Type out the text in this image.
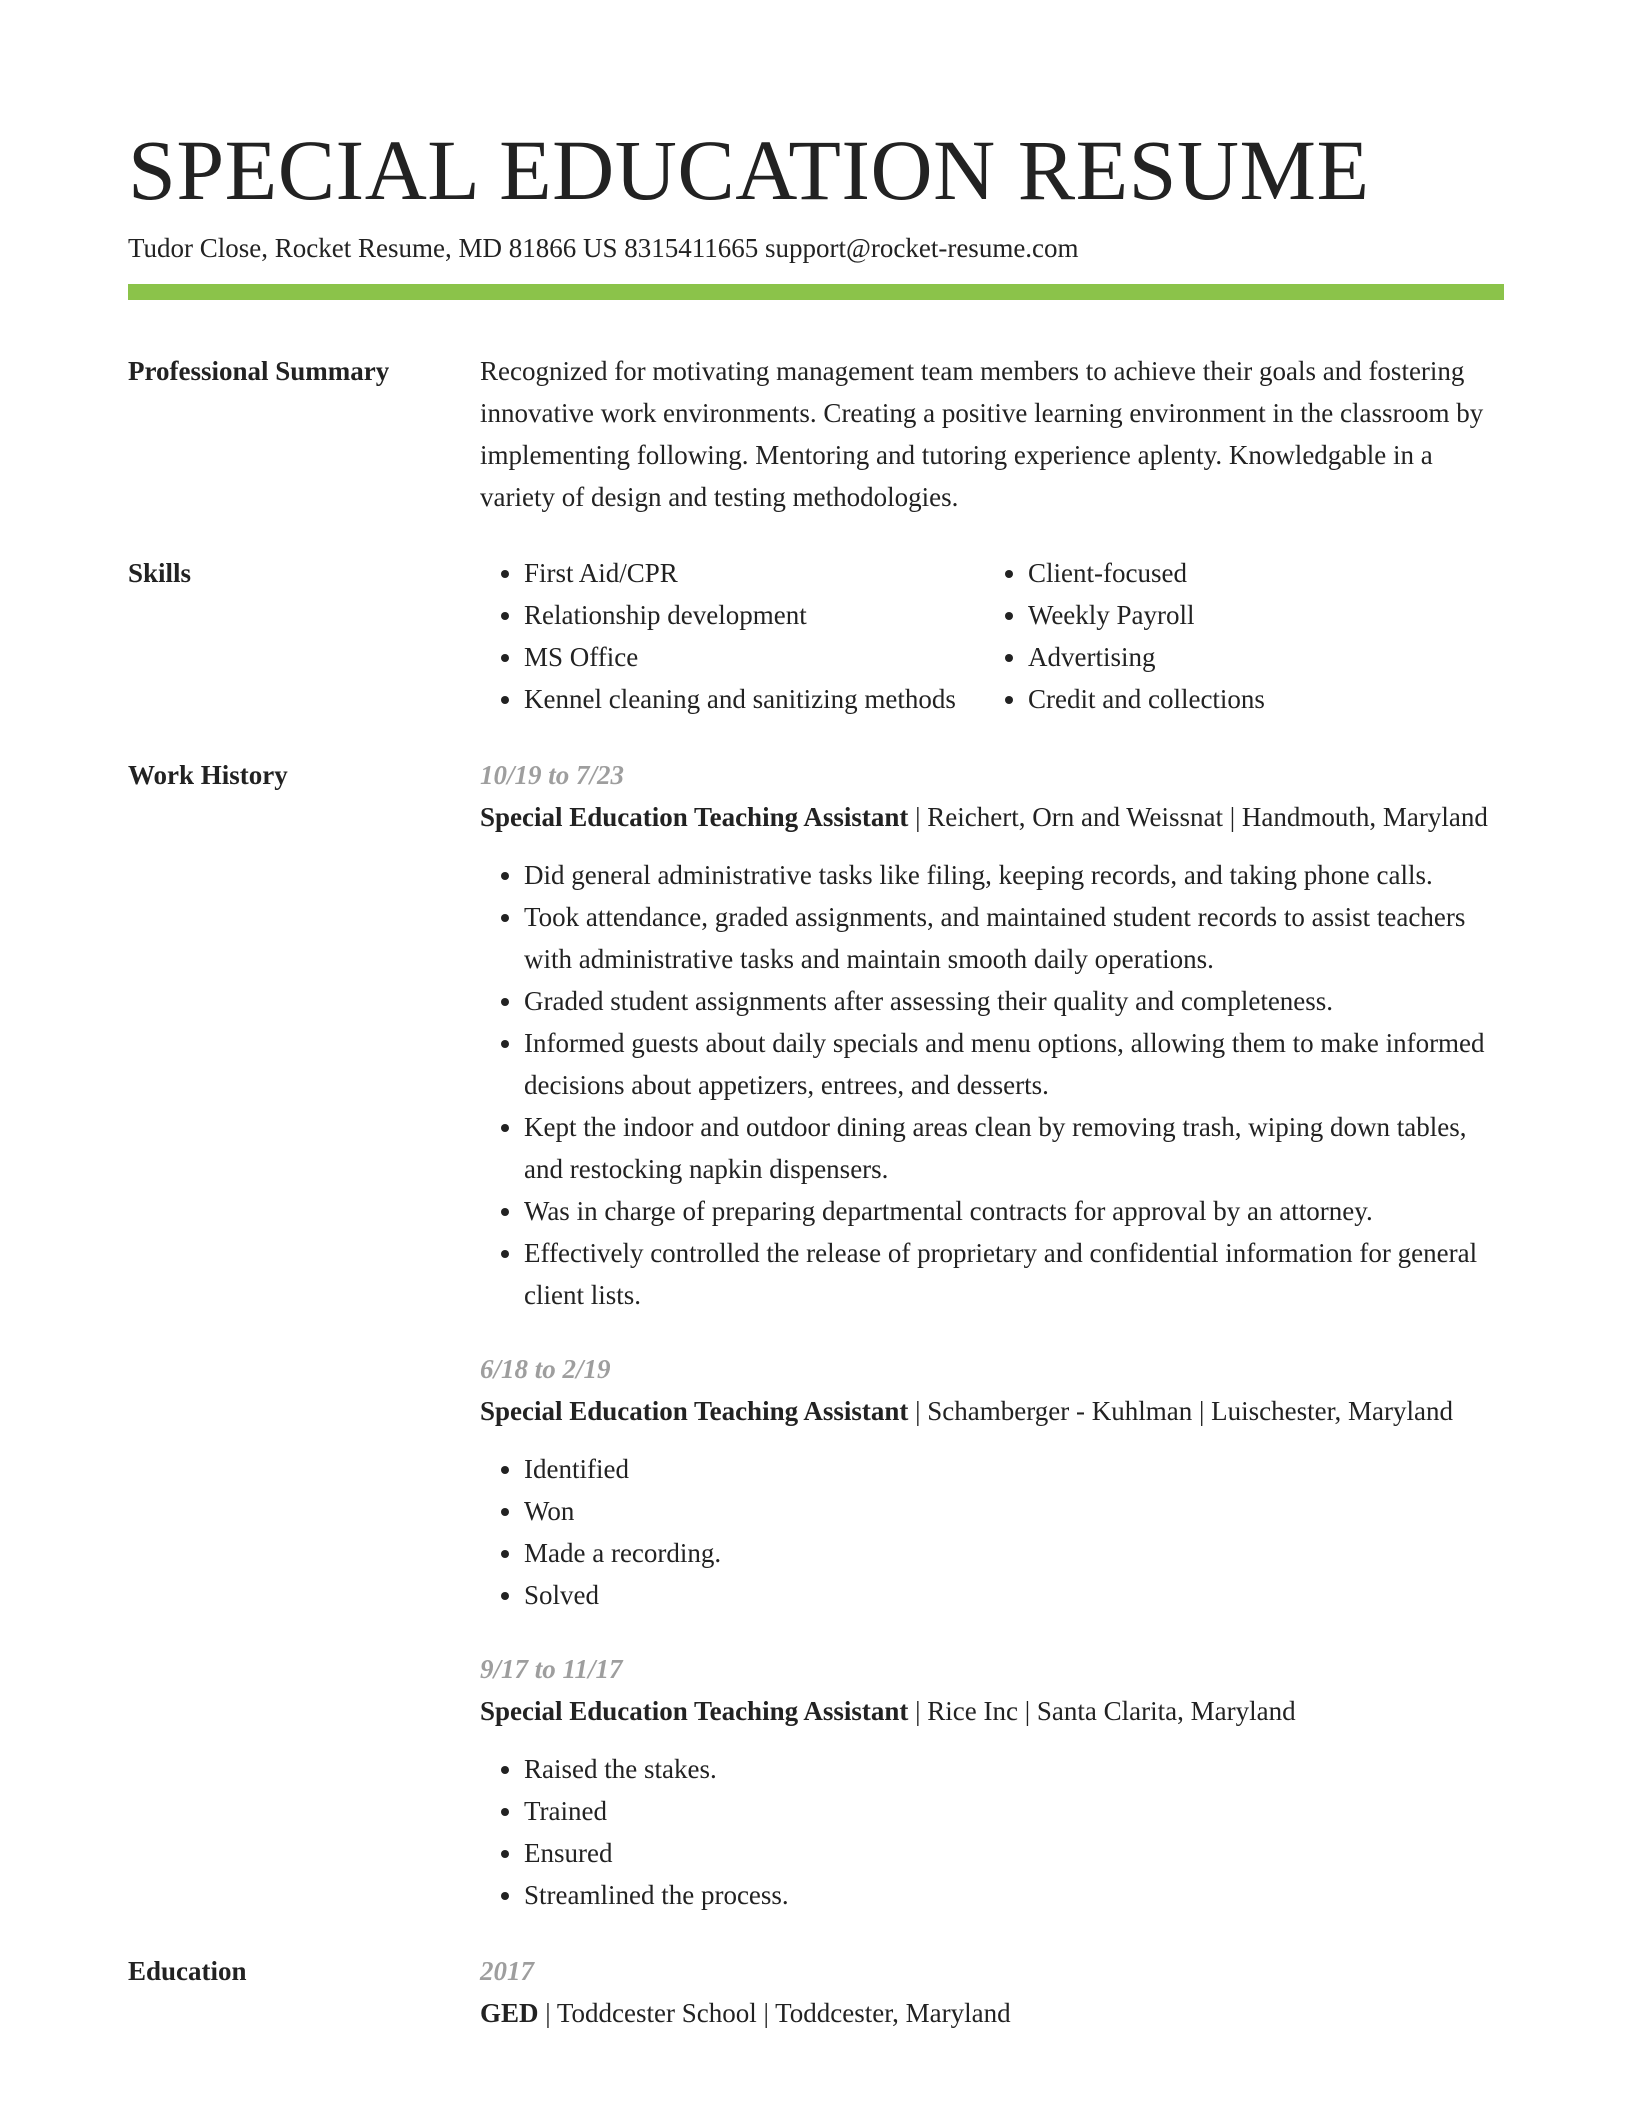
SPECIAL EDUCATION RESUME
Tudor Close, Rocket Resume, MD 81866 US 8315411665 support@rocket-resume.com
Professional Summary	Recognized for motivating management team members to achieve their goals and fostering innovative work environments. Creating a positive learning environment in the classroom by implementing following. Mentoring and tutoring experience aplenty. Knowledgable in a variety of design and testing methodologies.
Skills
•	First Aid/CPR
• Relationship development
• MS Office
• Kennel cleaning and sanitizing methods
• Client-focused
• Weekly Payroll
• Advertising
• Credit and collections
Work History	10/19 to 7/23
Special Education Teaching Assistant | Reichert, Orn and Weissnat | Handmouth, Maryland
• Did general administrative tasks like filing, keeping records, and taking phone calls.
• Took attendance, graded assignments, and maintained student records to assist teachers with administrative tasks and maintain smooth daily operations.
• Graded student assignments after assessing their quality and completeness.
• Informed guests about daily specials and menu options, allowing them to make informed decisions about appetizers, entrees, and desserts.
• Kept the indoor and outdoor dining areas clean by removing trash, wiping down tables, and restocking napkin dispensers.
• Was in charge of preparing departmental contracts for approval by an attorney.
• Effectively controlled the release of proprietary and confidential information for general client lists.
6/18 to 2/19
Special Education Teaching Assistant | Schamberger - Kuhlman | Luischester, Maryland
• Identified
• Won
• Made a recording.
• Solved
9/17 to 11/17
Special Education Teaching Assistant | Rice Inc | Santa Clarita, Maryland
• Raised the stakes.
• Trained
• Ensured
• Streamlined the process.
Education	2017
GED | Toddcester School | Toddcester, Maryland
